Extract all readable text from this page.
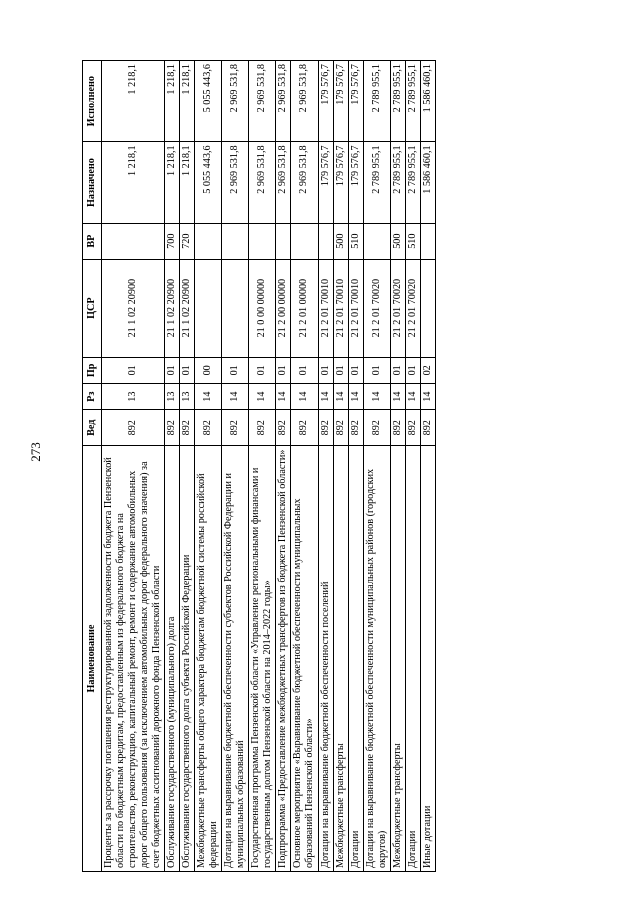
273
Наименование	Вед	Рз	Пр	ЦСР	ВР	Назначено	Исполнено
Проценты за рассрочку погашения реструктурированной задолженности бюджета Пензенской области по бюджетным кредитам, предоставленным из федерального бюджета на строительство, реконструкцию, капитальный ремонт, ремонт и содержание автомобильных дорог общего пользования (за исключением автомобильных дорог федерального значения) за счет бюджетных ассигнований дорожного фонда Пензенской области	892	13	01	21 1 02 20900		1 218,1	1 218,1
Обслуживание государственного (муниципального) долга	892	13	01	21 1 02 20900	700	1 218,1	1 218,1
Обслуживание государственного долга субъекта Российской Федерации	892	13	01	21 1 02 20900	720	1 218,1	1 218,1
Межбюджетные трансферты общего характера бюджетам бюджетной системы российской федерации	892	14	00			5 055 443,6	5 055 443,6
Дотации на выравнивание бюджетной обеспеченности субъектов Российской Федерации и муниципальных образований	892	14	01			2 969 531,8	2 969 531,8
Государственная программа Пензенской области «Управление региональными финансами и государственным долгом Пензенской области на 2014–2022 годы»	892	14	01	21 0 00 00000		2 969 531,8	2 969 531,8
Подпрограмма «Предоставление межбюджетных трансфертов из бюджета Пензенской области»	892	14	01	21 2 00 00000		2 969 531,8	2 969 531,8
Основное мероприятие «Выравнивание бюджетной обеспеченности муниципальных образований Пензенской области»	892	14	01	21 2 01 00000		2 969 531,8	2 969 531,8
Дотации на выравнивание бюджетной обеспеченности поселений	892	14	01	21 2 01 70010		179 576,7	179 576,7
Межбюджетные трансферты	892	14	01	21 2 01 70010	500	179 576,7	179 576,7
Дотации	892	14	01	21 2 01 70010	510	179 576,7	179 576,7
Дотации на выравнивание бюджетной обеспеченности муниципальных районов (городских округов)	892	14	01	21 2 01 70020		2 789 955,1	2 789 955,1
Межбюджетные трансферты	892	14	01	21 2 01 70020	500	2 789 955,1	2 789 955,1
Дотации	892	14	01	21 2 01 70020	510	2 789 955,1	2 789 955,1
Иные дотации	892	14	02			1 586 460,1	1 586 460,1
